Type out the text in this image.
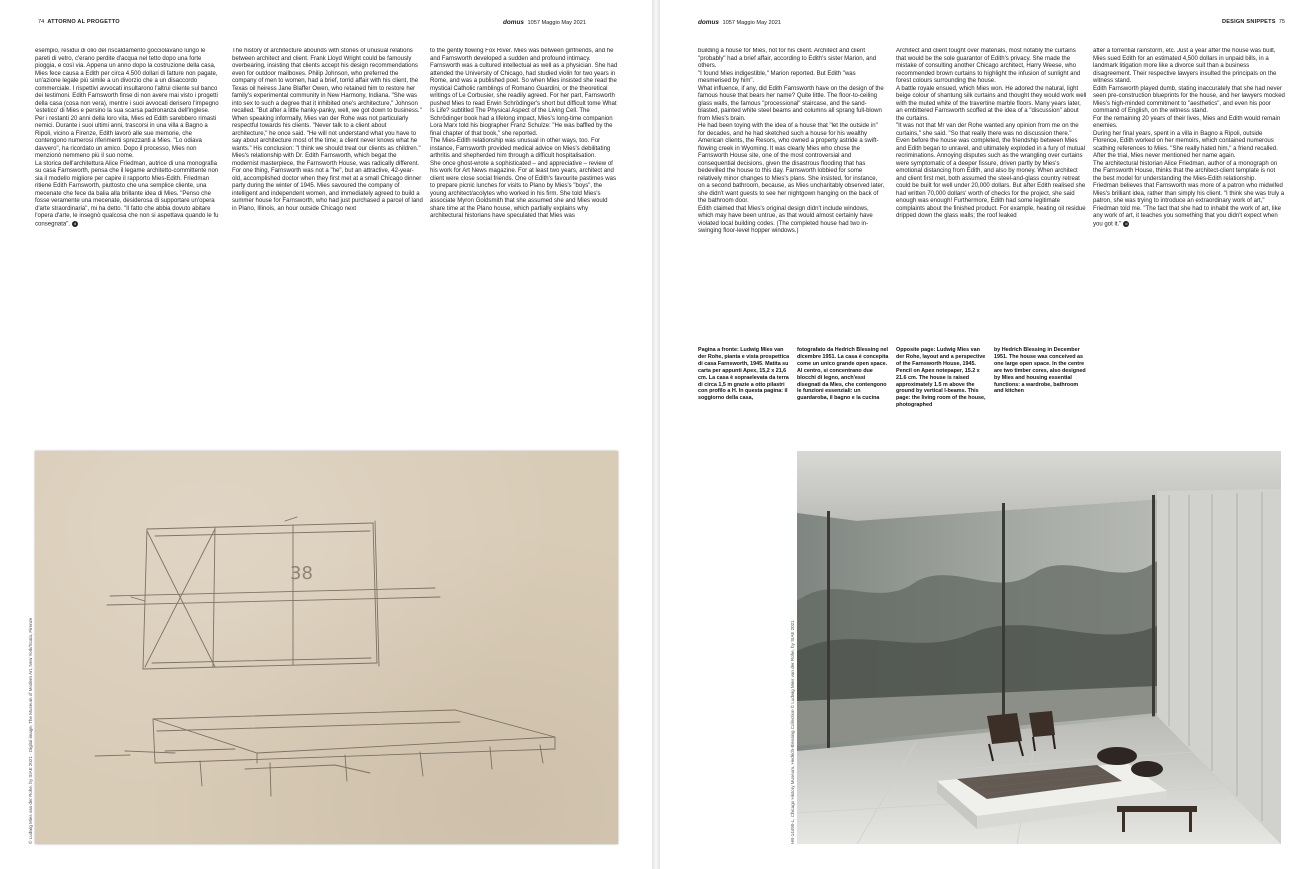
74 ATTORNO AL PROGETTO	domus 1057 Maggio May 2021

esempio, residui di olio del riscaldamento gocciolavano lungo le pareti di vetro, c'erano perdite d'acqua nel tetto dopo una forte pioggia, e così via. Appena un anno dopo la costruzione della casa, Mies fece causa a Edith per circa 4.500 dollari di fatture non pagate, un'azione legale più simile a un divorzio che a un disaccordo commerciale. I rispettivi avvocati insultarono l'altrui cliente sul banco dei testimoni. Edith Farnsworth finse di non avere mai visto i progetti della casa (cosa non vera), mentre i suoi avvocati derisero l'impegno 'estetico' di Mies e persino la sua scarsa padronanza dell'inglese.

Per i restanti 20 anni della loro vita, Mies ed Edith sarebbero rimasti nemici. Durante i suoi ultimi anni, trascorsi in una villa a Bagno a Ripoli, vicino a Firenze, Edith lavorò alle sue memorie, che contengono numerosi riferimenti sprezzanti a Mies. "Lo odiava davvero", ha ricordato un amico. Dopo il processo, Mies non menzionò nemmeno più il suo nome.

La storica dell'architettura Alice Friedman, autrice di una monografia su casa Farnsworth, pensa che il legame architetto-committente non sia il modello migliore per capire il rapporto Mies-Edith. Friedman ritiene Edith Farnsworth, piuttosto che una semplice cliente, una mecenate che fece da balia alla brillante idea di Mies. "Penso che fosse veramente una mecenate, desiderosa di supportare un'opera d'arte straordinaria", mi ha detto. "Il fatto che abbia dovuto abitare l'opera d'arte, le insegnò qualcosa che non si aspettava quando le fu consegnata". d

The history of architecture abounds with stories of unusual relations between architect and client. Frank Lloyd Wright could be famously overbearing, insisting that clients accept his design recommendations even for outdoor mailboxes. Philip Johnson, who preferred the company of men to women, had a brief, torrid affair with his client, the Texas oil heiress Jane Blaffer Owen, who retained him to restore her family's experimental community in New Harmony, Indiana. "She was into sex to such a degree that it inhibited one's architecture," Johnson recalled. "But after a little hanky-panky, well, we got down to business." When speaking informally, Mies van der Rohe was not particularly respectful towards his clients. "Never talk to a client about architecture," he once said. "He will not understand what you have to say about architecture most of the time; a client never knows what he wants." His conclusion: "I think we should treat our clients as children."

Mies's relationship with Dr. Edith Farnsworth, which begat the modernist masterpiece, the Farnsworth House, was radically different. For one thing, Farnsworth was not a "he", but an attractive, 42-year-old, accomplished doctor when they first met at a small Chicago dinner party during the winter of 1945. Mies savoured the company of intelligent and independent women, and immediately agreed to build a summer house for Farnsworth, who had just purchased a parcel of land in Plano, Illinois, an hour outside Chicago next

to the gently flowing Fox River. Mies was between girlfriends, and he and Farnsworth developed a sudden and profound intimacy. Farnsworth was a cultured intellectual as well as a physician. She had attended the University of Chicago, had studied violin for two years in Rome, and was a published poet. So when Mies insisted she read the mystical Catholic ramblings of Romano Guardini, or the theoretical writings of Le Corbusier, she readily agreed. For her part, Farnsworth pushed Mies to read Erwin Schrödinger's short but difficult tome What Is Life? subtitled The Physical Aspect of the Living Cell. The Schrödinger book had a lifelong impact, Mies's long-time companion Lora Marx told his biographer Franz Schulze: "He was baffled by the final chapter of that book," she reported.

The Mies-Edith relationship was unusual in other ways, too. For instance, Farnsworth provided medical advice on Mies's debilitating arthritis and shepherded him through a difficult hospitalisation.

She once ghost-wrote a sophisticated – and appreciative – review of his work for Art News magazine. For at least two years, architect and client were close social friends. One of Edith's favourite pastimes was to prepare picnic lunches for visits to Plano by Mies's "boys", the young architect/acolytes who worked in his firm. She told Mies's associate Myron Goldsmith that she assumed she and Mies would share time at the Plano house, which partially explains why architectural historians have speculated that Mies was

38
© Ludwig Mies van der Rohe, by SIAE 2021 · Digital image, The Museum of Modern Art, New York/Scala, Firenze
domus 1057 Maggio May 2021	DESIGN SNIPPETS 75

building a house for Mies, not for his client. Architect and client "probably" had a brief affair, according to Edith's sister Marion, and others.

"I found Mies indigestible," Marion reported. But Edith "was mesmerised by him".

What influence, if any, did Edith Farnsworth have on the design of the famous house that bears her name? Quite little. The floor-to-ceiling glass walls, the famous "processional" staircase, and the sand-blasted, painted white steel beams and columns all sprang full-blown from Mies's brain.

He had been toying with the idea of a house that "let the outside in" for decades, and he had sketched such a house for his wealthy American clients, the Resors, who owned a property astride a swift-flowing creek in Wyoming. It was clearly Mies who chose the Farnsworth House site, one of the most controversial and consequential decisions, given the disastrous flooding that has bedevilled the house to this day. Farnsworth lobbied for some relatively minor changes to Mies's plans. She insisted, for instance, on a second bathroom, because, as Mies uncharitably observed later, she didn't want guests to see her nightgown hanging on the back of the bathroom door.

Edith claimed that Mies's original design didn't include windows, which may have been untrue, as that would almost certainly have violated local building codes. (The completed house had two in-swinging floor-level hopper windows.)

Architect and client fought over materials, most notably the curtains that would be the sole guarantor of Edith's privacy. She made the mistake of consulting another Chicago architect, Harry Weese, who recommended brown curtains to highlight the infusion of sunlight and forest colours surrounding the house.

A battle royale ensued, which Mies won. He adored the natural, light beige colour of shantung silk curtains and thought they would work well with the muted white of the travertine marble floors. Many years later, an embittered Farnsworth scoffed at the idea of a "discussion" about the curtains.

"It was not that Mr van der Rohe wanted any opinion from me on the curtains," she said. "So that really there was no discussion there."

Even before the house was completed, the friendship between Mies and Edith began to unravel, and ultimately exploded in a fury of mutual recriminations. Annoying disputes such as the wrangling over curtains were symptomatic of a deeper fissure, driven partly by Mies's emotional distancing from Edith, and also by money. When architect and client first met, both assumed the steel-and-glass country retreat could be built for well under 20,000 dollars. But after Edith realised she had written 70,000 dollars' worth of checks for the project, she said enough was enough! Furthermore, Edith had some legitimate complaints about the finished product. For example, heating oil residue dripped down the glass walls; the roof leaked

after a torrential rainstorm, etc. Just a year after the house was built, Mies sued Edith for an estimated 4,500 dollars in unpaid bills, in a landmark litigation more like a divorce suit than a business disagreement. Their respective lawyers insulted the principals on the witness stand.

Edith Farnsworth played dumb, stating inaccurately that she had never seen pre-construction blueprints for the house, and her lawyers mocked Mies's high-minded commitment to "aesthetics", and even his poor command of English, on the witness stand.

For the remaining 20 years of their lives, Mies and Edith would remain enemies.

During her final years, spent in a villa in Bagno a Ripoli, outside Florence, Edith worked on her memoirs, which contained numerous scathing references to Mies. "She really hated him," a friend recalled. After the trial, Mies never mentioned her name again.

The architectural historian Alice Friedman, author of a monograph on the Farnsworth House, thinks that the architect-client template is not the best model for understanding the Mies-Edith relationship.

Friedman believes that Farnsworth was more of a patron who midwifed Mies's brilliant idea, rather than simply his client. "I think she was truly a patron, she was trying to introduce an extraordinary work of art," Friedman told me. "The fact that she had to inhabit the work of art, like any work of art, it teaches you something that you didn't expect when you got it." d
Pagina a fronte: Ludwig Mies van der Rohe, pianta e vista prospettica di casa Farnsworth, 1945. Matita su carta per appunti Apex, 15,2 x 21,6 cm. La casa è sopraelevata da terra di circa 1,5 m grazie a otto pilastri con profilo a H. In questa pagina: il soggiorno della casa,
fotografato da Hedrich Blessing nel dicembre 1951. La casa è concepita come un unico grande open space. Al centro, si concentrano due blocchi di legno, anch'essi disegnati da Mies, che contengono le funzioni essenziali: un guardaroba, il bagno e la cucina
Opposite page: Ludwig Mies van der Rohe, layout and a perspective of the Farnsworth House, 1945. Pencil on Apex notepaper, 15.2 x 21.6 cm. The house is raised approximately 1.5 m above the ground by vertical I-beams. This page: the living room of the house, photographed
by Hedrich Blessing in December 1951. The house was conceived as one large open space. In the centre are two timber cores, also designed by Mies and housing essential functions: a wardrobe, bathroom and kitchen
HB-14490-L, Chicago History Museum, Hedrich-Blessing Collection © Ludwig Mies van der Rohe, by SIAE 2021
